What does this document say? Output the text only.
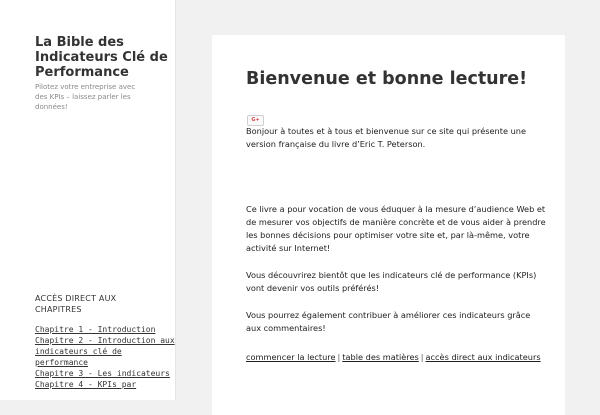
La Bible des Indicateurs Clé de Performance
Pilotez votre entreprise avec des KPIs – laissez parler les données!
ACCÈS DIRECT AUX CHAPITRES
Chapitre 1 - Introduction
Chapitre 2 - Introduction aux indicateurs clé de performance
Chapitre 3 - Les indicateurs
Chapitre 4 - KPIs par
Bienvenue et bonne lecture!
G+

Bonjour à toutes et à tous et bienvenue sur ce site qui présente une version française du livre d’Eric T. Peterson.

Ce livre a pour vocation de vous éduquer à la mesure d’audience Web et de mesurer vos objectifs de manière concrète et de vous aider à prendre les bonnes décisions pour optimiser votre site et, par là-même, votre activité sur Internet!

Vous découvrirez bientôt que les indicateurs clé de performance (KPIs) vont devenir vos outils préférés!

Vous pourrez également contribuer à améliorer ces indicateurs grâce aux commentaires!

commencer la lecture | table des matières | accès direct aux indicateurs
